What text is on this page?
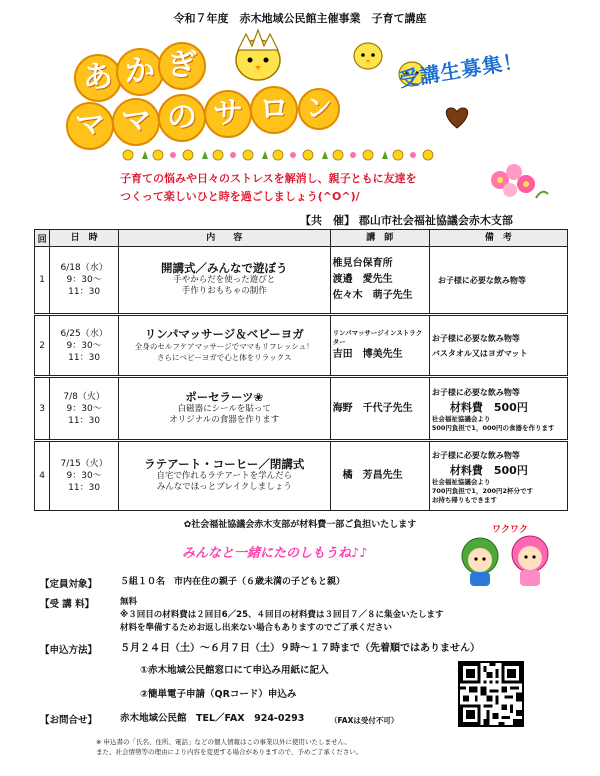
令和７年度　赤木地域公民館主催事業　子育て講座
あ か ぎ
マ マ の サ ロ ン
受講生募集！
子育ての悩みや日々のストレスを解消し、親子ともに友達を
つくって楽しいひと時を過ごしましょう(^O^)/
【共　催】 郡山市社会福祉協議会赤木支部
回	日　時	内　　容	講　師	備　考
1	6/18（水）
9：30～
11：30	開講式／みんなで遊ぼう
手やからだを使った遊びと
手作りおもちゃの制作	椎見台保育所
渡邉　愛先生
佐々木　萌子先生	お子様に必要な飲み物等

2	6/25（水）
9：30～
11：30	リンパマッサージ＆ベビーヨガ
全身のセルフケアマッサージでママもリフレッシュ！
さらにベビーヨガで心と体をリラックス	リンパマッサージインストラクター
吉田　博美先生	お子様に必要な飲み物等
バスタオル又はヨガマット

3	7/8（火）
9：30～
11：30	ポーセラーツ❀
白磁器にシールを貼って
オリジナルの食器を作ります	海野　千代子先生	お子様に必要な飲み物等
材料費　500円
社会福祉協議会より
500円負担で1，000円の食器を作ります

4	7/15（火）
9：30～
11：30	ラテアート・コーヒー／閉講式
自宅で作れるラテアートを学んだら
みんなでほっとブレイクしましょう	橘　芳昌先生	お子様に必要な飲み物等
材料費　500円
社会福祉協議会より
700円負担で1，200円2杯分です
お持ち帰りもできます
✿社会福祉協議会赤木支部が材料費一部ご負担いたします
みんなと一緒にたのしもうね♪♪
ワクワク
【定員対象】	５組１０名　市内在住の親子（６歳未満の子どもと親）
【受 講 料】	無料
※３回目の材料費は２回目6／25、４回目の材料費は３回目７／８に集金いたします
材料を準備するためお返し出来ない場合もありますのでご了承ください
【申込方法】	５月２４日（土）～６月７日（土）９時～１７時まで（先着順ではありません）
①赤木地域公民館窓口にて申込み用紙に記入
②簡単電子申請（QRコード）申込み
【お問合せ】	赤木地域公民館　TEL／FAX　924-0293	（FAXは受付不可）
※ 申込書の「氏名、住所、電話」などの個人情報はこの事業以外に使用いたしません。
また、社会情勢等の理由により内容を変更する場合がありますので、予めご了承ください。
